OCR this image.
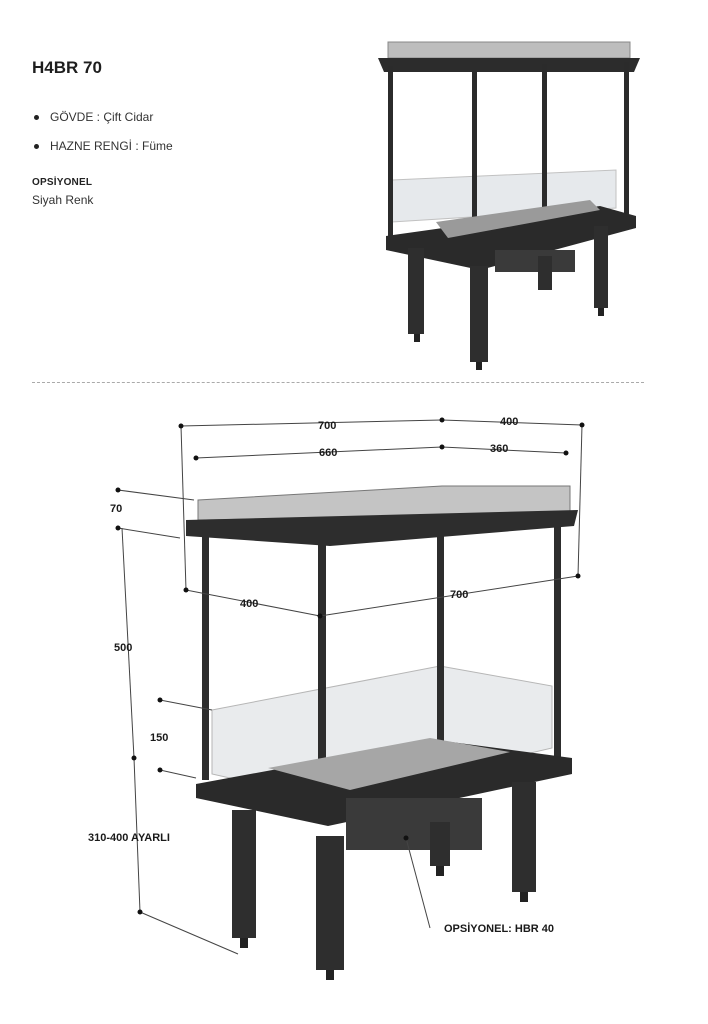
H4BR 70
GÖVDE : Çift Cidar
HAZNE RENGİ : Füme
OPSİYONEL
Siyah Renk
700	400
660	360
70
400
700
500
150
310-400 AYARLI
OPSİYONEL: HBR 40
